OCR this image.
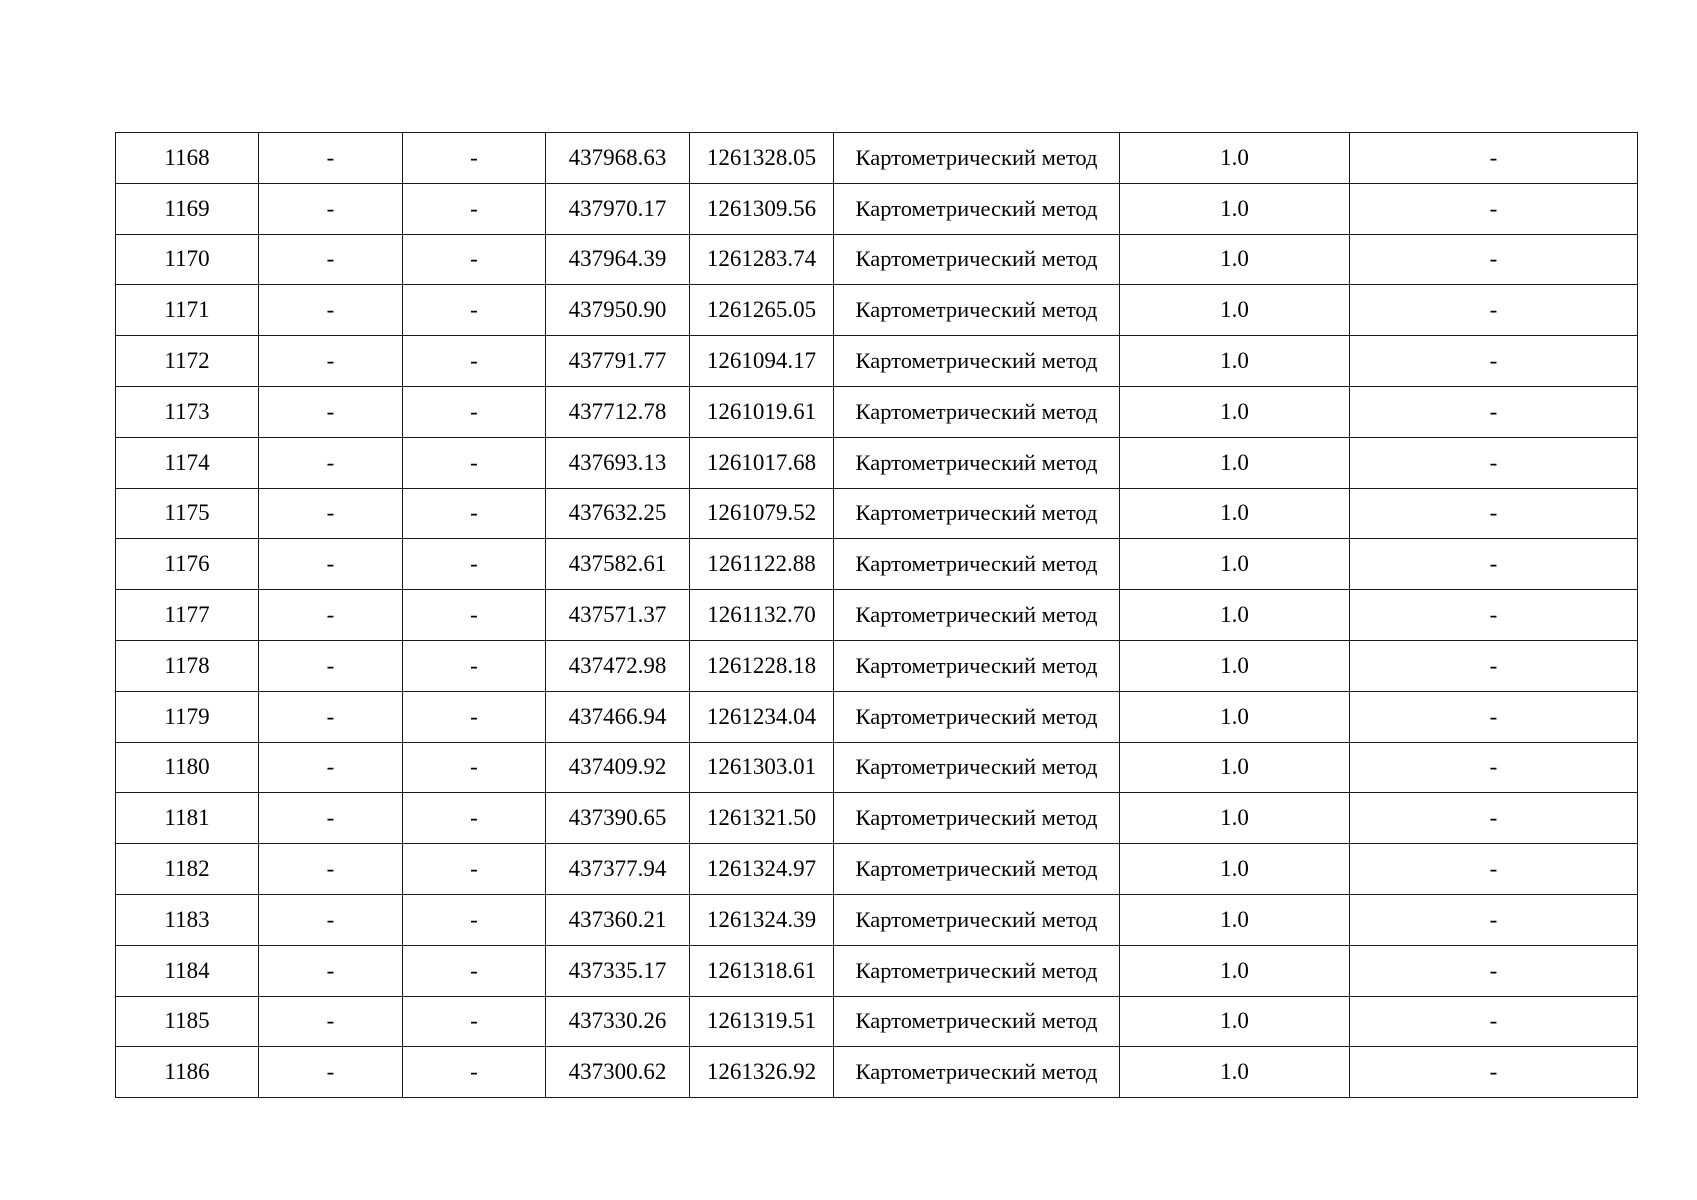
1168	-	-	437968.63	1261328.05	Картометрический метод	1.0	-
1169	-	-	437970.17	1261309.56	Картометрический метод	1.0	-
1170	-	-	437964.39	1261283.74	Картометрический метод	1.0	-
1171	-	-	437950.90	1261265.05	Картометрический метод	1.0	-
1172	-	-	437791.77	1261094.17	Картометрический метод	1.0	-
1173	-	-	437712.78	1261019.61	Картометрический метод	1.0	-
1174	-	-	437693.13	1261017.68	Картометрический метод	1.0	-
1175	-	-	437632.25	1261079.52	Картометрический метод	1.0	-
1176	-	-	437582.61	1261122.88	Картометрический метод	1.0	-
1177	-	-	437571.37	1261132.70	Картометрический метод	1.0	-
1178	-	-	437472.98	1261228.18	Картометрический метод	1.0	-
1179	-	-	437466.94	1261234.04	Картометрический метод	1.0	-
1180	-	-	437409.92	1261303.01	Картометрический метод	1.0	-
1181	-	-	437390.65	1261321.50	Картометрический метод	1.0	-
1182	-	-	437377.94	1261324.97	Картометрический метод	1.0	-
1183	-	-	437360.21	1261324.39	Картометрический метод	1.0	-
1184	-	-	437335.17	1261318.61	Картометрический метод	1.0	-
1185	-	-	437330.26	1261319.51	Картометрический метод	1.0	-
1186	-	-	437300.62	1261326.92	Картометрический метод	1.0	-
